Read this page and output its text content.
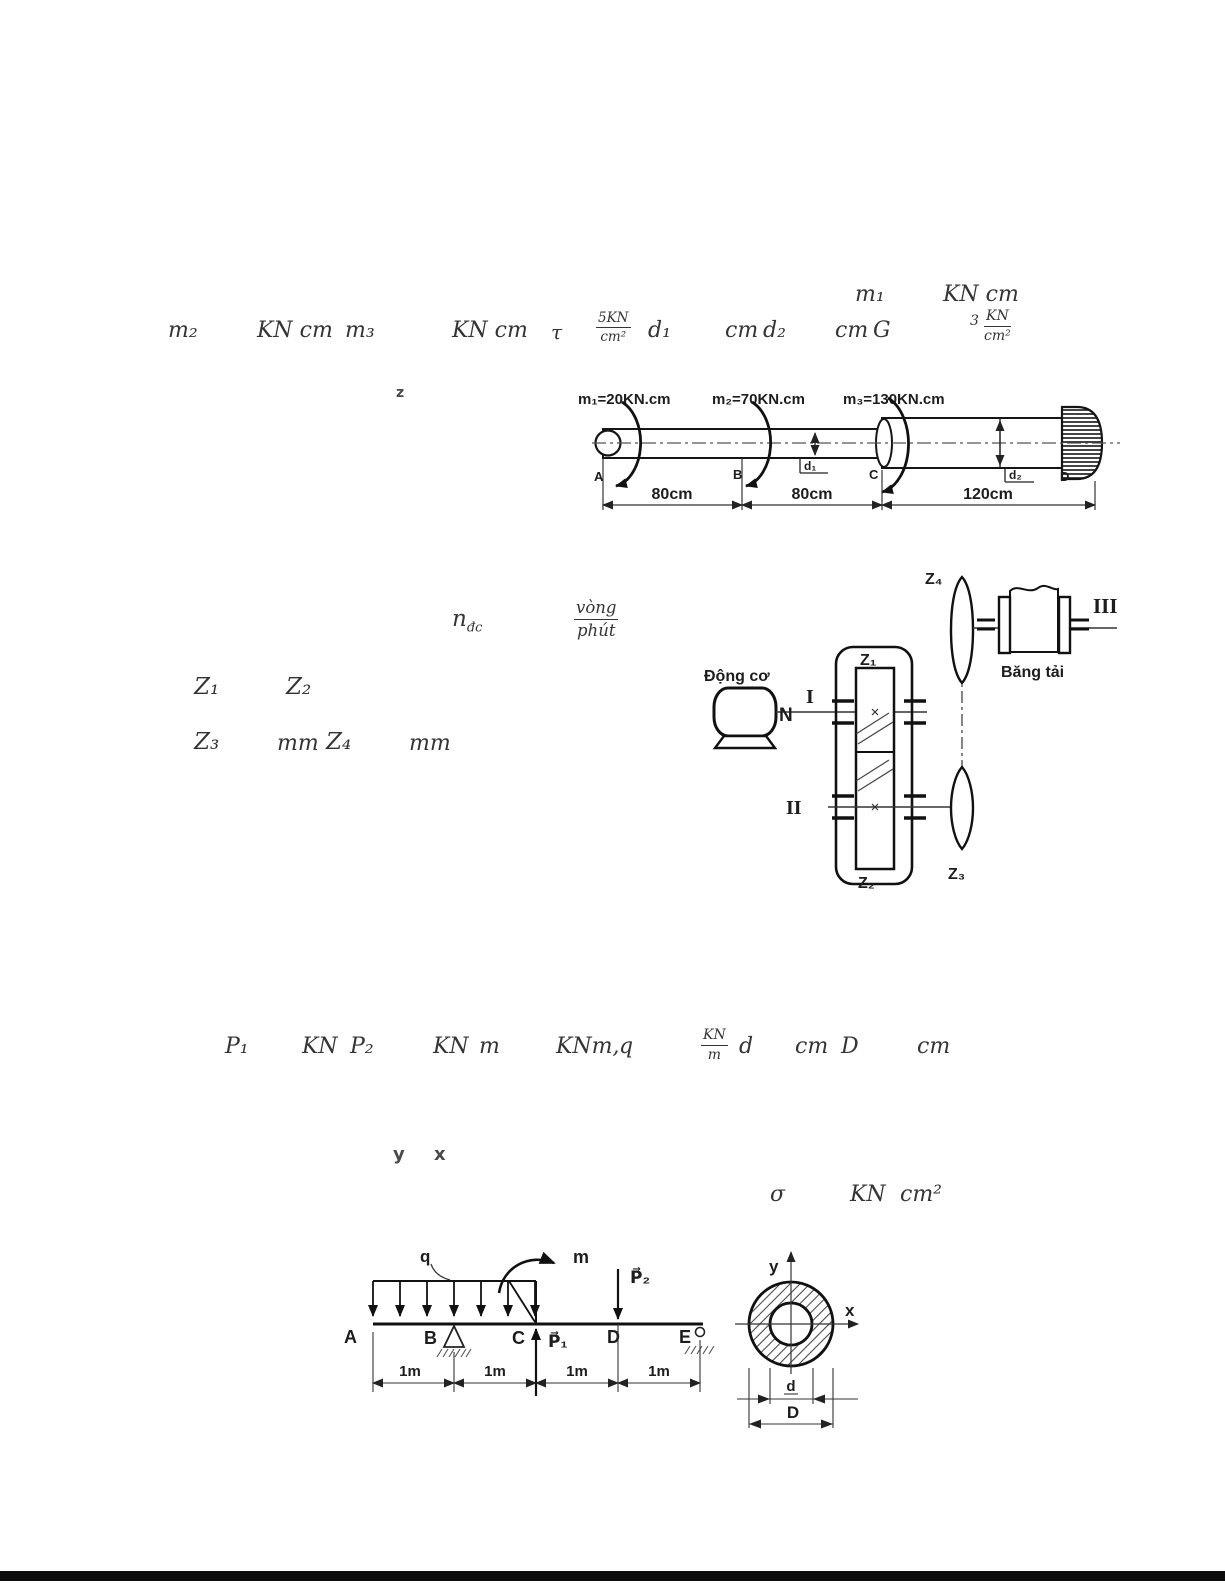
m₁	KN cm
m₂	KN cm m₃	KN cm τ	$\frac{5KN}{\text{cm²}} d_1$ cm d₂ cm G	$3 \frac{KN}{\text{cm²}}$
z	m₁=20KN.cm	m₂=70KN.cm	m₃=130KN.cm
d₁
d₂
A	B	C	D
80cm	80cm	120cm
$n_{đc}$
vòng
phút
Z₁	Z₂
Z₃	mm Z₄	mm
Động cơ
N
I
II
Z₁
Z₂
Z₄
Z₃
III
Băng tải
P₁ KN P₂	KN m	KNm, q	$\frac{KN}{m}$ d cm D	cm
y x
σ	KN cm²
q	m
P⃗₁
P⃗₂
A	B	C	D	E
1m	1m	1m	1m
y
x
d
D
